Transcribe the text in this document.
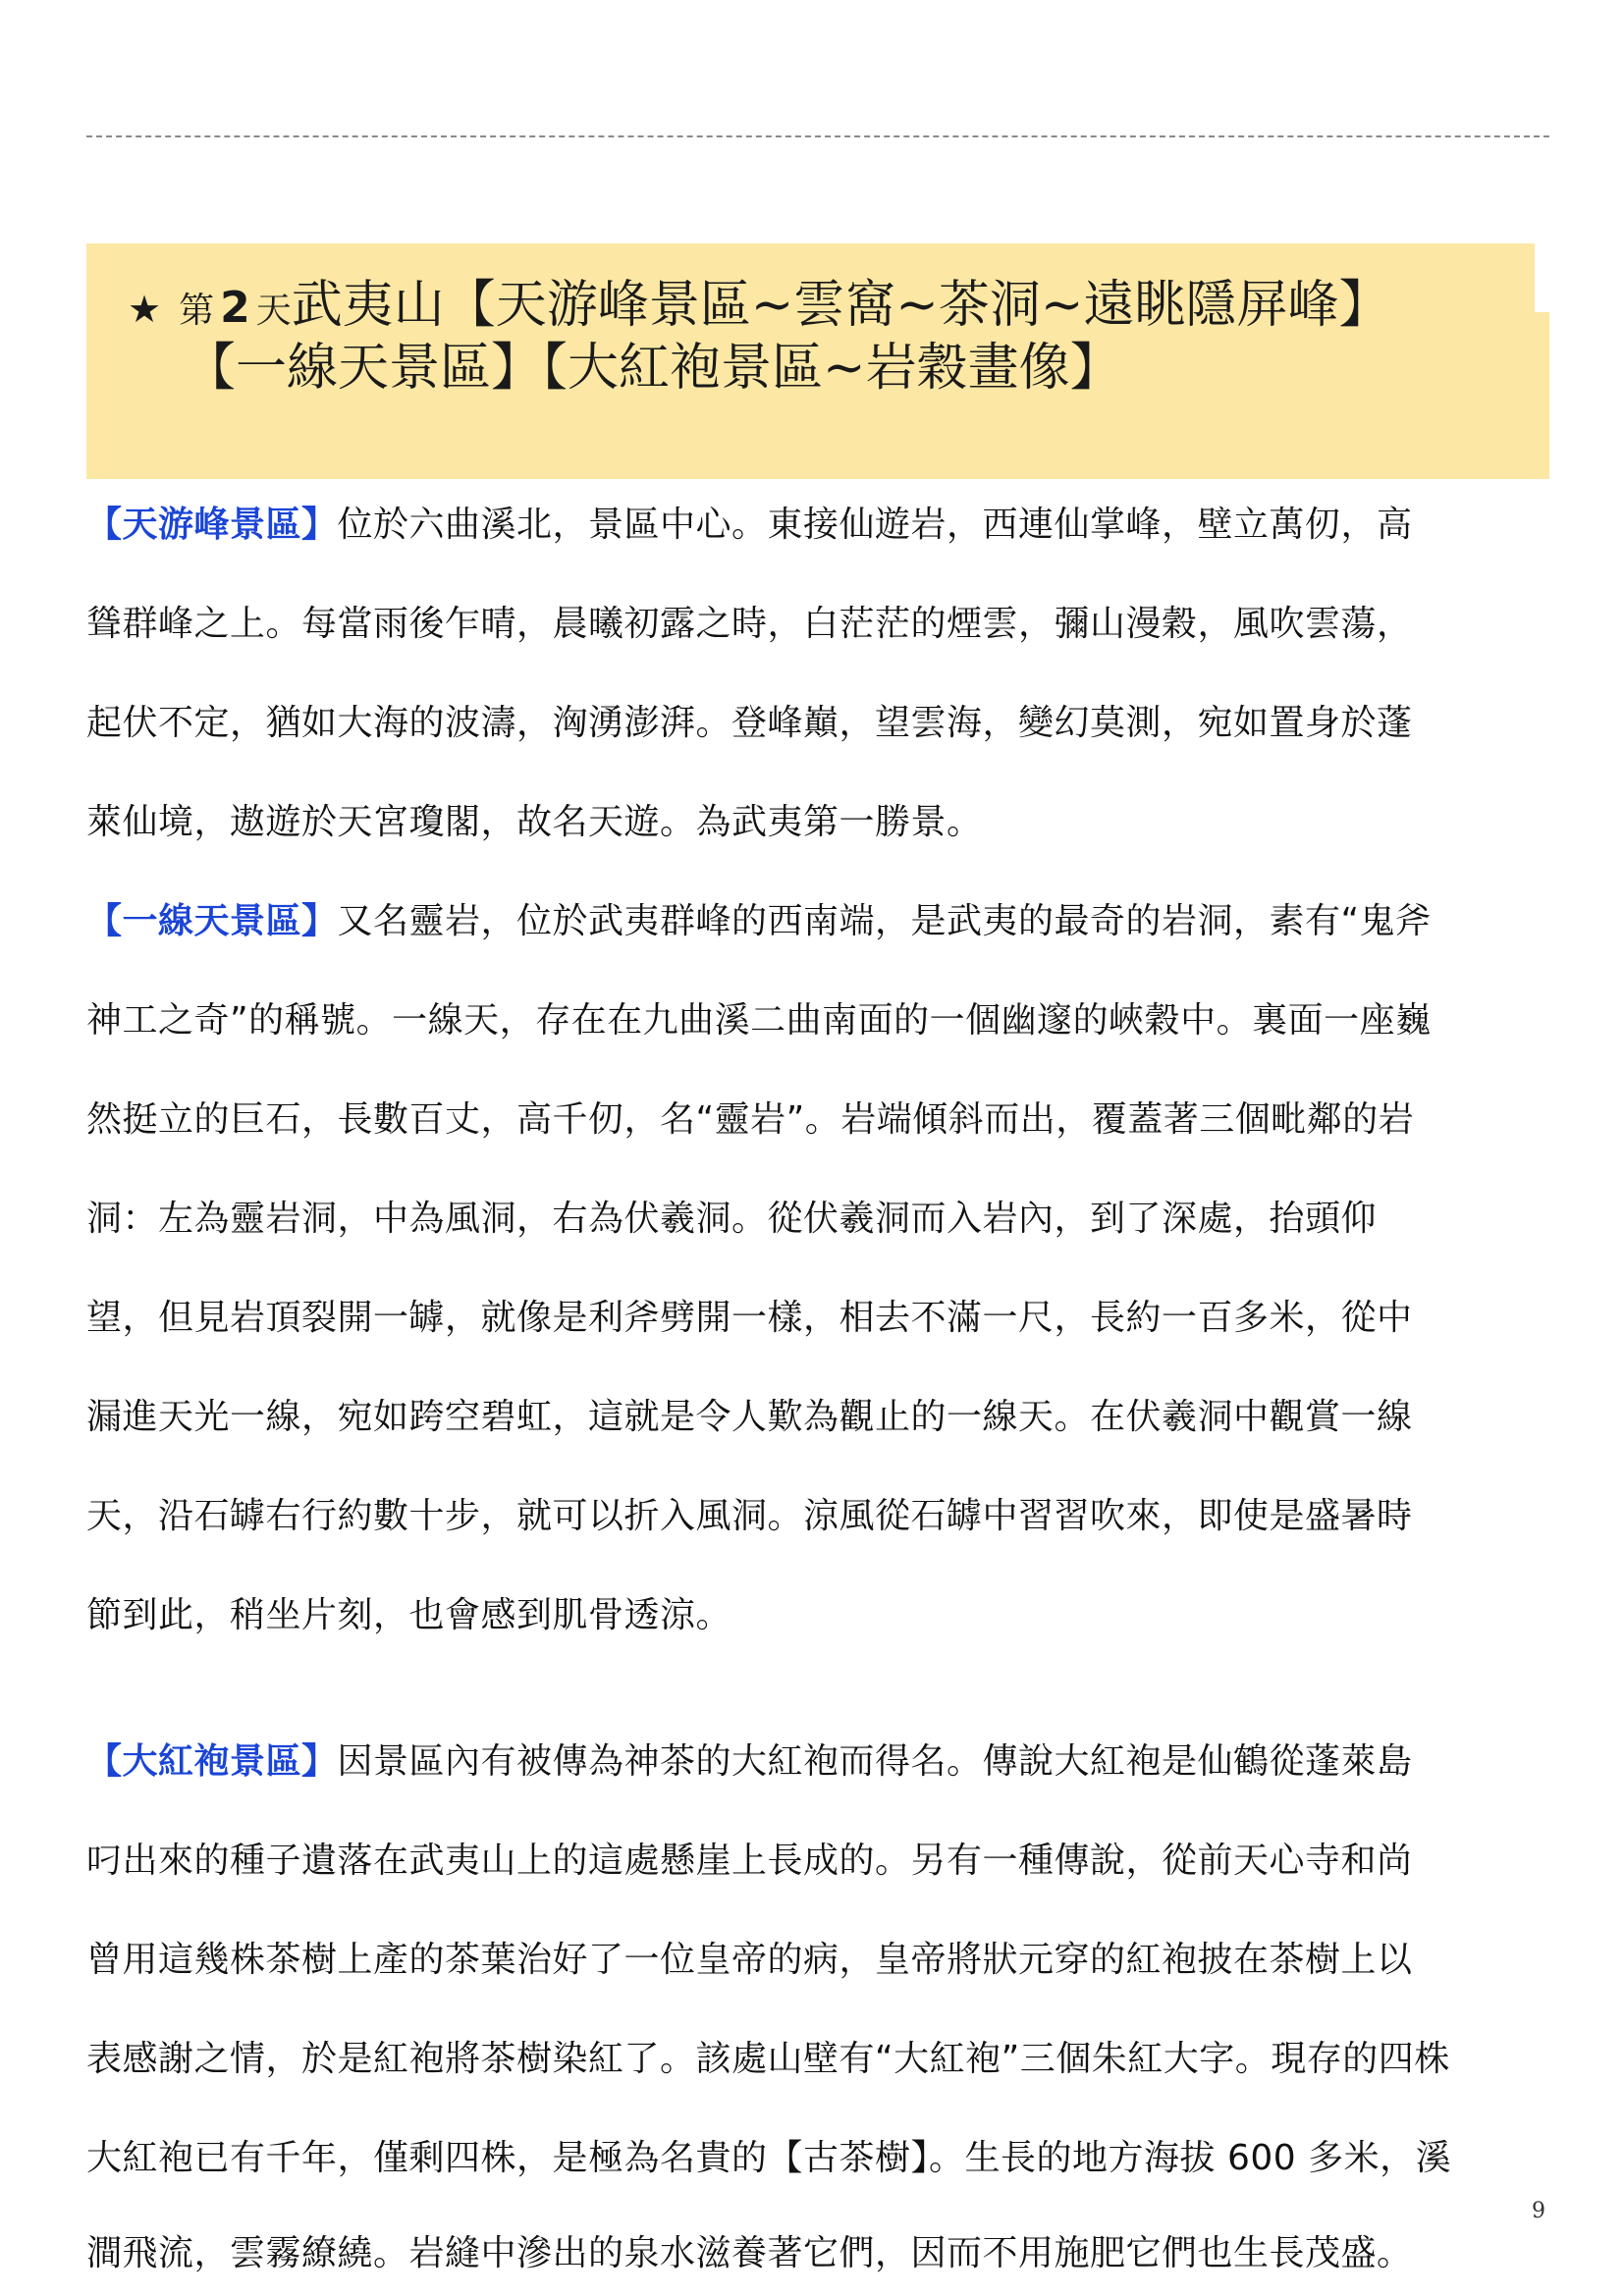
★ 第 2 天武夷山【天游峰景區~雲窩~茶洞~遠眺隱屏峰】
【一線天景區】【大紅袍景區~岩穀畫像】
【天游峰景區】位於六曲溪北，景區中心。東接仙遊岩，西連仙掌峰，壁立萬仞，高
聳群峰之上。每當雨後乍晴，晨曦初露之時，白茫茫的煙雲，彌山漫穀，風吹雲蕩，
起伏不定，猶如大海的波濤，洶湧澎湃。登峰巔，望雲海，變幻莫測，宛如置身於蓬
萊仙境，遨遊於天宮瓊閣，故名天遊。為武夷第一勝景。
【一線天景區】又名靈岩，位於武夷群峰的西南端，是武夷的最奇的岩洞，素有“鬼斧
神工之奇”的稱號。一線天，存在在九曲溪二曲南面的一個幽邃的峽穀中。裏面一座巍
然挺立的巨石，長數百丈，高千仞，名“靈岩”。岩端傾斜而出，覆蓋著三個毗鄰的岩
洞：左為靈岩洞，中為風洞，右為伏羲洞。從伏羲洞而入岩內，到了深處，抬頭仰
望，但見岩頂裂開一罅，就像是利斧劈開一樣，相去不滿一尺，長約一百多米，從中
漏進天光一線，宛如跨空碧虹，這就是令人歎為觀止的一線天。在伏羲洞中觀賞一線
天，沿石罅右行約數十步，就可以折入風洞。涼風從石罅中習習吹來，即使是盛暑時
節到此，稍坐片刻，也會感到肌骨透涼。
【大紅袍景區】因景區內有被傳為神茶的大紅袍而得名。傳說大紅袍是仙鶴從蓬萊島
叼出來的種子遺落在武夷山上的這處懸崖上長成的。另有一種傳說，從前天心寺和尚
曾用這幾株茶樹上產的茶葉治好了一位皇帝的病，皇帝將狀元穿的紅袍披在茶樹上以
表感謝之情，於是紅袍將茶樹染紅了。該處山壁有“大紅袍”三個朱紅大字。現存的四株
大紅袍已有千年，僅剩四株，是極為名貴的【古茶樹】。生長的地方海拔 600 多米，溪
澗飛流，雲霧繚繞。岩縫中滲出的泉水滋養著它們，因而不用施肥它們也生長茂盛。
9
